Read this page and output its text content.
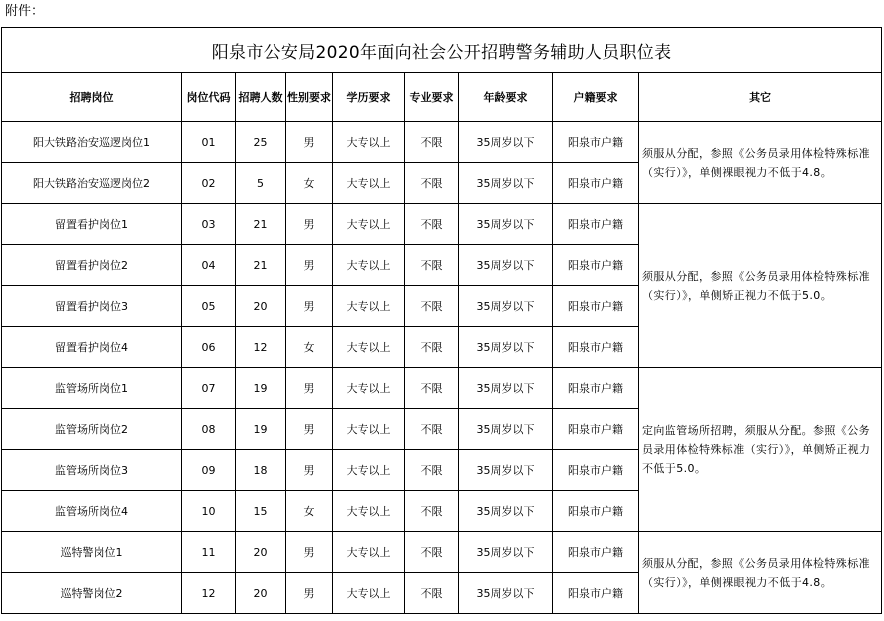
附件：
阳泉市公安局2020年面向社会公开招聘警务辅助人员职位表								
招聘岗位	岗位代码	招聘人数	性别要求	学历要求	专业要求	年龄要求	户籍要求	其它
阳大铁路治安巡逻岗位1	01	25	男	大专以上	不限	35周岁以下	阳泉市户籍	须服从分配，参照《公务员录用体检特殊标准（实行）》，单侧裸眼视力不低于4.8。
阳大铁路治安巡逻岗位2	02	5	女	大专以上	不限	35周岁以下	阳泉市户籍	
留置看护岗位1	03	21	男	大专以上	不限	35周岁以下	阳泉市户籍	须服从分配，参照《公务员录用体检特殊标准（实行）》，单侧矫正视力不低于5.0。
留置看护岗位2	04	21	男	大专以上	不限	35周岁以下	阳泉市户籍	
留置看护岗位3	05	20	男	大专以上	不限	35周岁以下	阳泉市户籍	
留置看护岗位4	06	12	女	大专以上	不限	35周岁以下	阳泉市户籍	
监管场所岗位1	07	19	男	大专以上	不限	35周岁以下	阳泉市户籍	定向监管场所招聘，须服从分配。参照《公务员录用体检特殊标准（实行）》，单侧矫正视力不低于5.0。
监管场所岗位2	08	19	男	大专以上	不限	35周岁以下	阳泉市户籍	
监管场所岗位3	09	18	男	大专以上	不限	35周岁以下	阳泉市户籍	
监管场所岗位4	10	15	女	大专以上	不限	35周岁以下	阳泉市户籍	
巡特警岗位1	11	20	男	大专以上	不限	35周岁以下	阳泉市户籍	须服从分配，参照《公务员录用体检特殊标准（实行）》，单侧裸眼视力不低于4.8。
巡特警岗位2	12	20	男	大专以上	不限	35周岁以下	阳泉市户籍	
